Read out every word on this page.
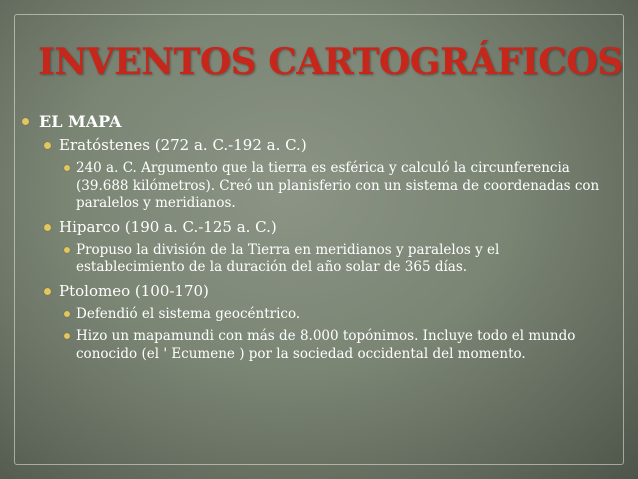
INVENTOS CARTOGRÁFICOS
EL MAPA
Eratóstenes (272 a. C.-192 a. C.)
240 a. C. Argumento que la tierra es esférica y calculó la circunferencia (39.688 kilómetros). Creó un planisferio con un sistema de coordenadas con paralelos y meridianos.
Hiparco (190 a. C.-125 a. C.)
Propuso la división de la Tierra en meridianos y paralelos y el establecimiento de la duración del año solar de 365 días.
Ptolomeo (100-170)
Defendió el sistema geocéntrico.
Hizo un mapamundi con más de 8.000 topónimos. Incluye todo el mundo conocido (el ' Ecumene ) por la sociedad occidental del momento.
